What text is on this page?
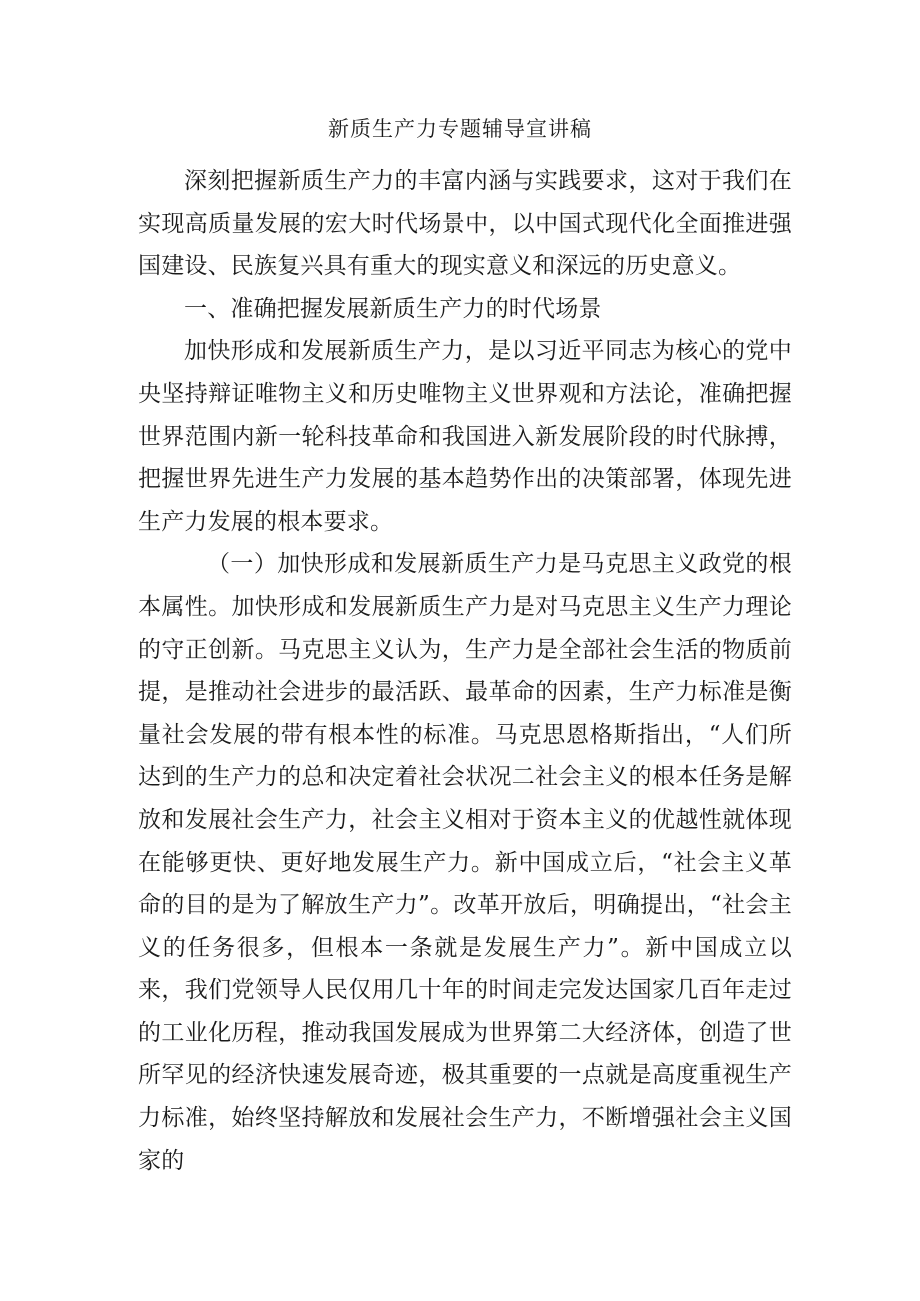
新质生产力专题辅导宣讲稿

深刻把握新质生产力的丰富内涵与实践要求，这对于我们在实现高质量发展的宏大时代场景中，以中国式现代化全面推进强国建设、民族复兴具有重大的现实意义和深远的历史意义。

一、准确把握发展新质生产力的时代场景

加快形成和发展新质生产力，是以习近平同志为核心的党中央坚持辩证唯物主义和历史唯物主义世界观和方法论，准确把握世界范围内新一轮科技革命和我国进入新发展阶段的时代脉搏，把握世界先进生产力发展的基本趋势作出的决策部署，体现先进生产力发展的根本要求。

（一）加快形成和发展新质生产力是马克思主义政党的根本属性。加快形成和发展新质生产力是对马克思主义生产力理论的守正创新。马克思主义认为，生产力是全部社会生活的物质前提，是推动社会进步的最活跃、最革命的因素，生产力标准是衡量社会发展的带有根本性的标准。马克思恩格斯指出，“人们所达到的生产力的总和决定着社会状况二社会主义的根本任务是解放和发展社会生产力，社会主义相对于资本主义的优越性就体现在能够更快、更好地发展生产力。新中国成立后，“社会主义革命的目的是为了解放生产力”。改革开放后，明确提出，“社会主义的任务很多，但根本一条就是发展生产力”。新中国成立以来，我们党领导人民仅用几十年的时间走完发达国家几百年走过的工业化历程，推动我国发展成为世界第二大经济体，创造了世所罕见的经济快速发展奇迹，极其重要的一点就是高度重视生产力标准，始终坚持解放和发展社会生产力，不断增强社会主义国家的
